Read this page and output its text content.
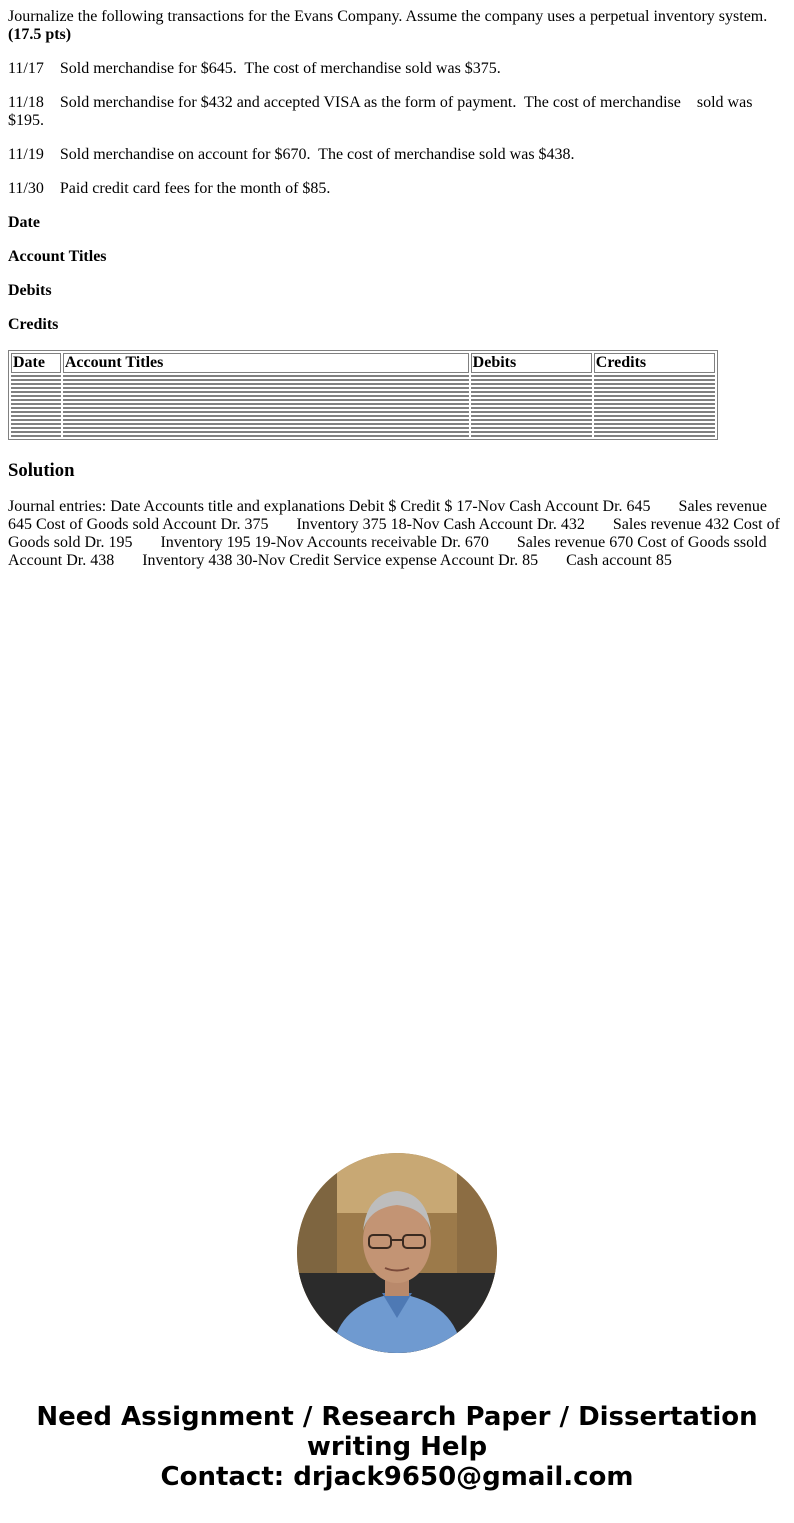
Journalize the following transactions for the Evans Company. Assume the company uses a perpetual inventory system.
(17.5 pts)
11/17    Sold merchandise for $645.  The cost of merchandise sold was $375.
11/18    Sold merchandise for $432 and accepted VISA as the form of payment.  The cost of merchandise    sold was $195.
11/19    Sold merchandise on account for $670.  The cost of merchandise sold was $438.
11/30    Paid credit card fees for the month of $85.
Date
Account Titles
Debits
Credits
Date	Account Titles	Debits	Credits

Solution
Journal entries: Date Accounts title and explanations Debit $ Credit $ 17-Nov Cash Account Dr. 645       Sales revenue 645 Cost of Goods sold Account Dr. 375       Inventory 375 18-Nov Cash Account Dr. 432       Sales revenue 432 Cost of Goods sold Dr. 195       Inventory 195 19-Nov Accounts receivable Dr. 670       Sales revenue 670 Cost of Goods ssold Account Dr. 438       Inventory 438 30-Nov Credit Service expense Account Dr. 85       Cash account 85
Need Assignment / Research Paper / Dissertation
writing Help
Contact: drjack9650@gmail.com
